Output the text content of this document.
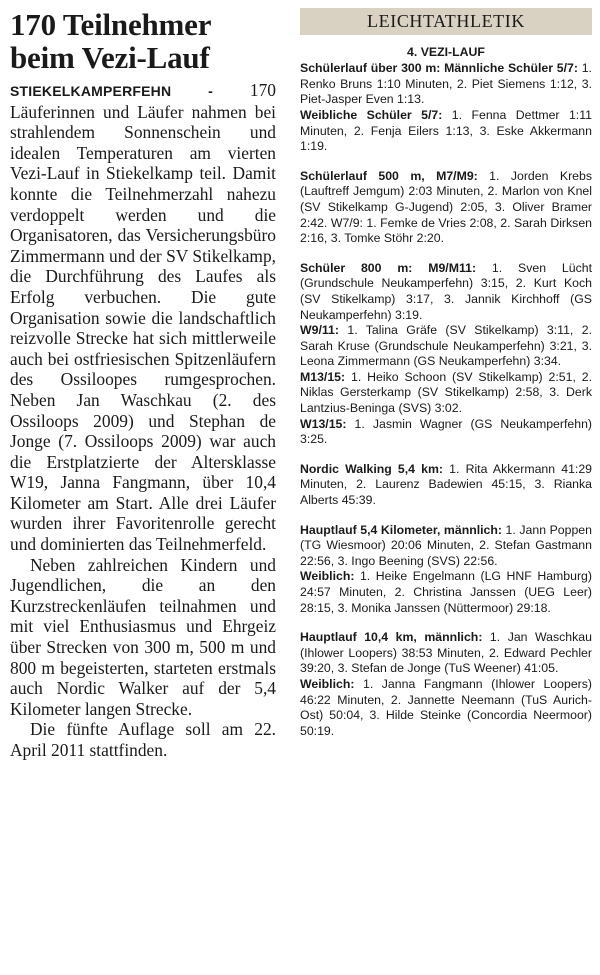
170 Teilnehmer beim Vezi-Lauf

STIEKELKAMPERFEHN - 170 Läuferinnen und Läufer nahmen bei strahlendem Sonnenschein und idealen Temperaturen am vierten Vezi-Lauf in Stiekelkamp teil. Damit konnte die Teilnehmerzahl nahezu verdoppelt werden und die Organisatoren, das Versicherungsbüro Zimmermann und der SV Stikelkamp, die Durchführung des Laufes als Erfolg verbuchen. Die gute Organisation sowie die landschaftlich reizvolle Strecke hat sich mittlerweile auch bei ostfriesischen Spitzenläufern des Ossiloopes rumgesprochen. Neben Jan Waschkau (2. des Ossiloops 2009) und Stephan de Jonge (7. Ossiloops 2009) war auch die Erstplatzierte der Altersklasse W19, Janna Fangmann, über 10,4 Kilometer am Start. Alle drei Läufer wurden ihrer Favoritenrolle gerecht und dominierten das Teilnehmerfeld.

Neben zahlreichen Kindern und Jugendlichen, die an den Kurzstreckenläufen teilnahmen und mit viel Enthusiasmus und Ehrgeiz über Strecken von 300 m, 500 m und 800 m begeisterten, starteten erstmals auch Nordic Walker auf der 5,4 Kilometer langen Strecke.

Die fünfte Auflage soll am 22. April 2011 stattfinden.

LEICHTATHLETIK
4. VEZI-LAUF

Schülerlauf über 300 m: Männliche Schüler 5/7: 1. Renko Bruns 1:10 Minuten, 2. Piet Siemens 1:12, 3. Piet-Jasper Even 1:13.

Weibliche Schüler 5/7: 1. Fenna Dettmer 1:11 Minuten, 2. Fenja Eilers 1:13, 3. Eske Akkermann 1:19.

Schülerlauf 500 m, M7/M9: 1. Jorden Krebs (Lauftreff Jemgum) 2:03 Minuten, 2. Marlon von Knel (SV Stikelkamp G-Jugend) 2:05, 3. Oliver Bramer 2:42. W7/9: 1. Femke de Vries 2:08, 2. Sarah Dirksen 2:16, 3. Tomke Stöhr 2:20.

Schüler 800 m: M9/M11: 1. Sven Lücht (Grundschule Neukamperfehn) 3:15, 2. Kurt Koch (SV Stikelkamp) 3:17, 3. Jannik Kirchhoff (GS Neukamperfehn) 3:19.

W9/11: 1. Talina Gräfe (SV Stikelkamp) 3:11, 2. Sarah Kruse (Grundschule Neukamperfehn) 3:21, 3. Leona Zimmermann (GS Neukamperfehn) 3:34.

M13/15: 1. Heiko Schoon (SV Stikelkamp) 2:51, 2. Niklas Gersterkamp (SV Stikelkamp) 2:58, 3. Derk Lantzius-Beninga (SVS) 3:02.

W13/15: 1. Jasmin Wagner (GS Neukamperfehn) 3:25.

Nordic Walking 5,4 km: 1. Rita Akkermann 41:29 Minuten, 2. Laurenz Badewien 45:15, 3. Rianka Alberts 45:39.

Hauptlauf 5,4 Kilometer, männlich: 1. Jann Poppen (TG Wiesmoor) 20:06 Minuten, 2. Stefan Gastmann 22:56, 3. Ingo Beening (SVS) 22:56.

Weiblich: 1. Heike Engelmann (LG HNF Hamburg) 24:57 Minuten, 2. Christina Janssen (UEG Leer) 28:15, 3. Monika Janssen (Nüttermoor) 29:18.

Hauptlauf 10,4 km, männlich: 1. Jan Waschkau (Ihlower Loopers) 38:53 Minuten, 2. Edward Pechler 39:20, 3. Stefan de Jonge (TuS Weener) 41:05.

Weiblich: 1. Janna Fangmann (Ihlower Loopers) 46:22 Minuten, 2. Jannette Neemann (TuS Aurich-Ost) 50:04, 3. Hilde Steinke (Concordia Neermoor) 50:19.
